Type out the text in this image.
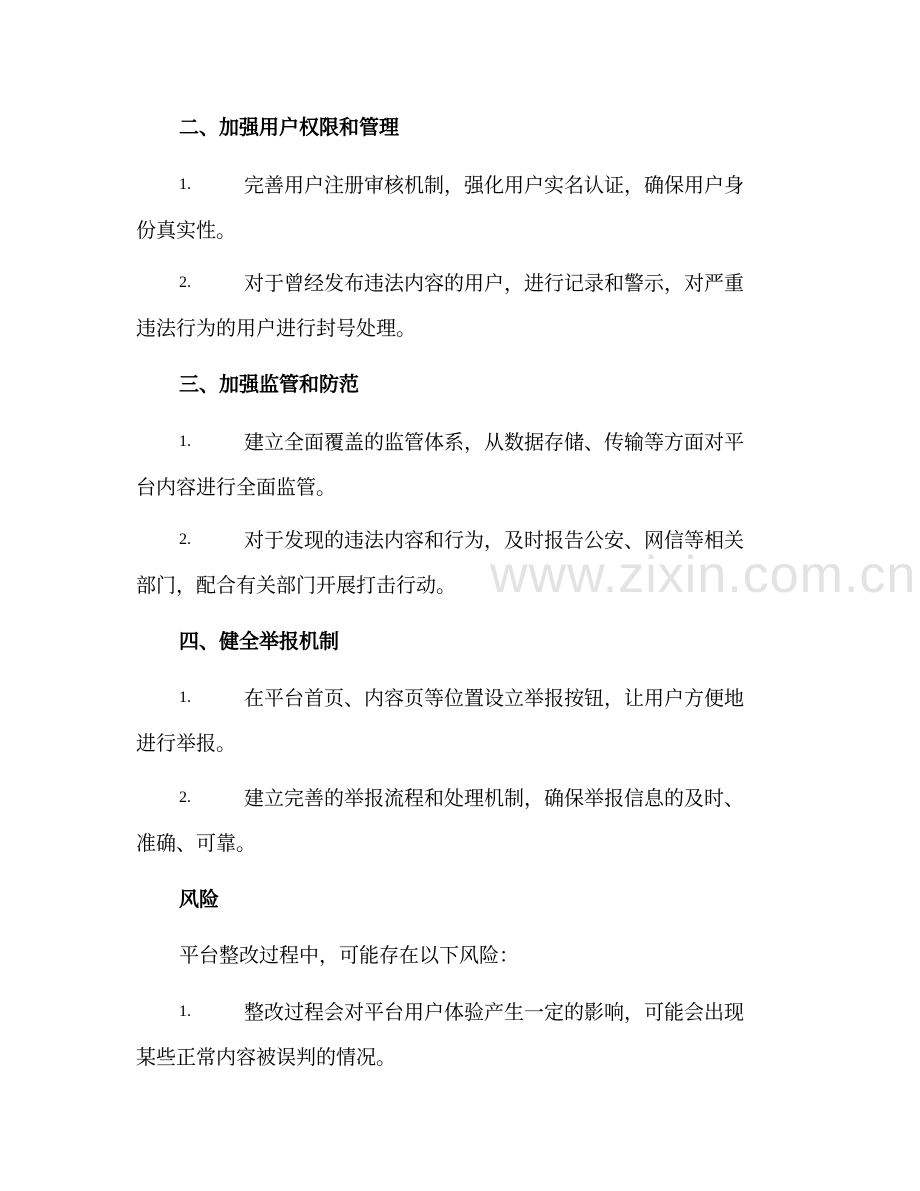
www.zixin.com.cn
二、加强用户权限和管理
1.	完善用户注册审核机制，强化用户实名认证，确保用户身
份真实性。
2.	对于曾经发布违法内容的用户，进行记录和警示，对严重
违法行为的用户进行封号处理。
三、加强监管和防范
1.	建立全面覆盖的监管体系，从数据存储、传输等方面对平
台内容进行全面监管。
2.	对于发现的违法内容和行为，及时报告公安、网信等相关
部门，配合有关部门开展打击行动。
四、健全举报机制
1.	在平台首页、内容页等位置设立举报按钮，让用户方便地
进行举报。
2.	建立完善的举报流程和处理机制，确保举报信息的及时、
准确、可靠。
风险
平台整改过程中，可能存在以下风险：
1.	整改过程会对平台用户体验产生一定的影响，可能会出现
某些正常内容被误判的情况。
